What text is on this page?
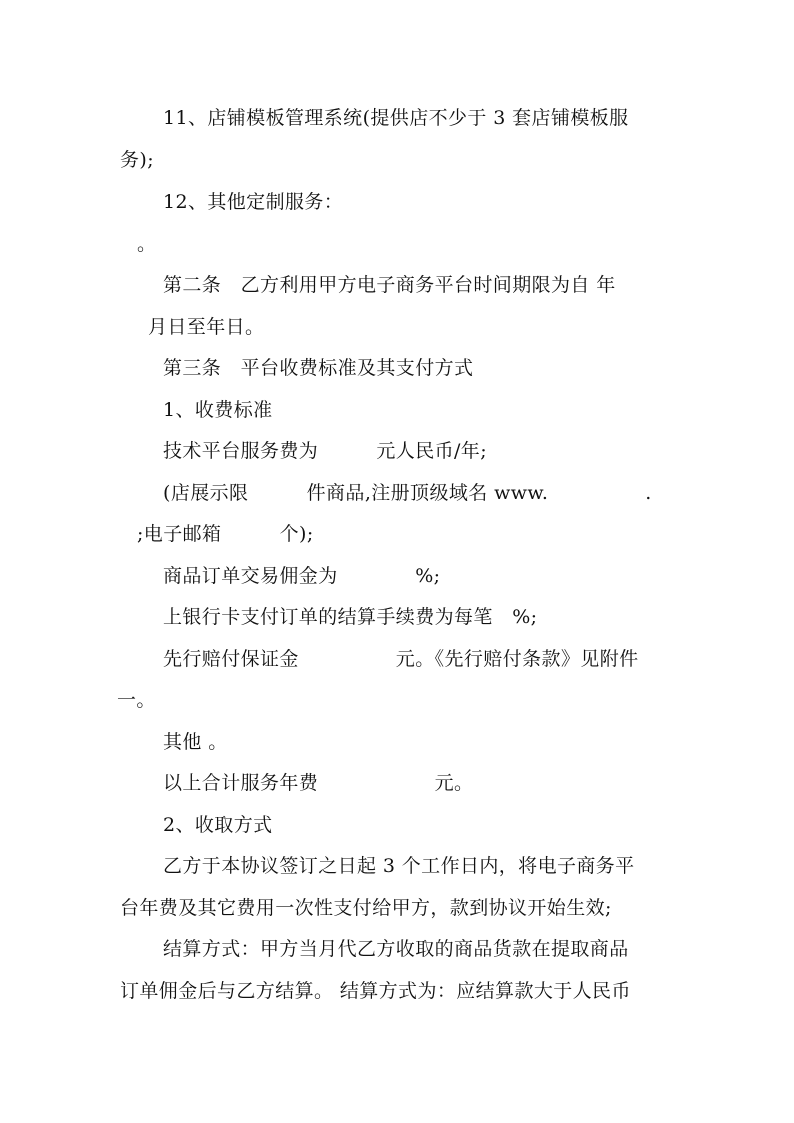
11、店铺模板管理系统(提供店不少于 3 套店铺模板服
务);
12、其他定制服务：
。
第二条　乙方利用甲方电子商务平台时间期限为自 年
月日至年日。
第三条　平台收费标准及其支付方式
1、收费标准
技术平台服务费为　　　元人民币/年;
(店展示限　　　件商品,注册顶级域名 www.　　　　　.
;电子邮箱　　　个);
商品订单交易佣金为　　　　%;
上银行卡支付订单的结算手续费为每笔　%;
先行赔付保证金　　　　　元。《先行赔付条款》见附件
一。
其他 。
以上合计服务年费　　　　　　元。
2、收取方式
乙方于本协议签订之日起 3 个工作日内，将电子商务平
台年费及其它费用一次性支付给甲方，款到协议开始生效;
结算方式：甲方当月代乙方收取的商品货款在提取商品
订单佣金后与乙方结算。 结算方式为：应结算款大于人民币
